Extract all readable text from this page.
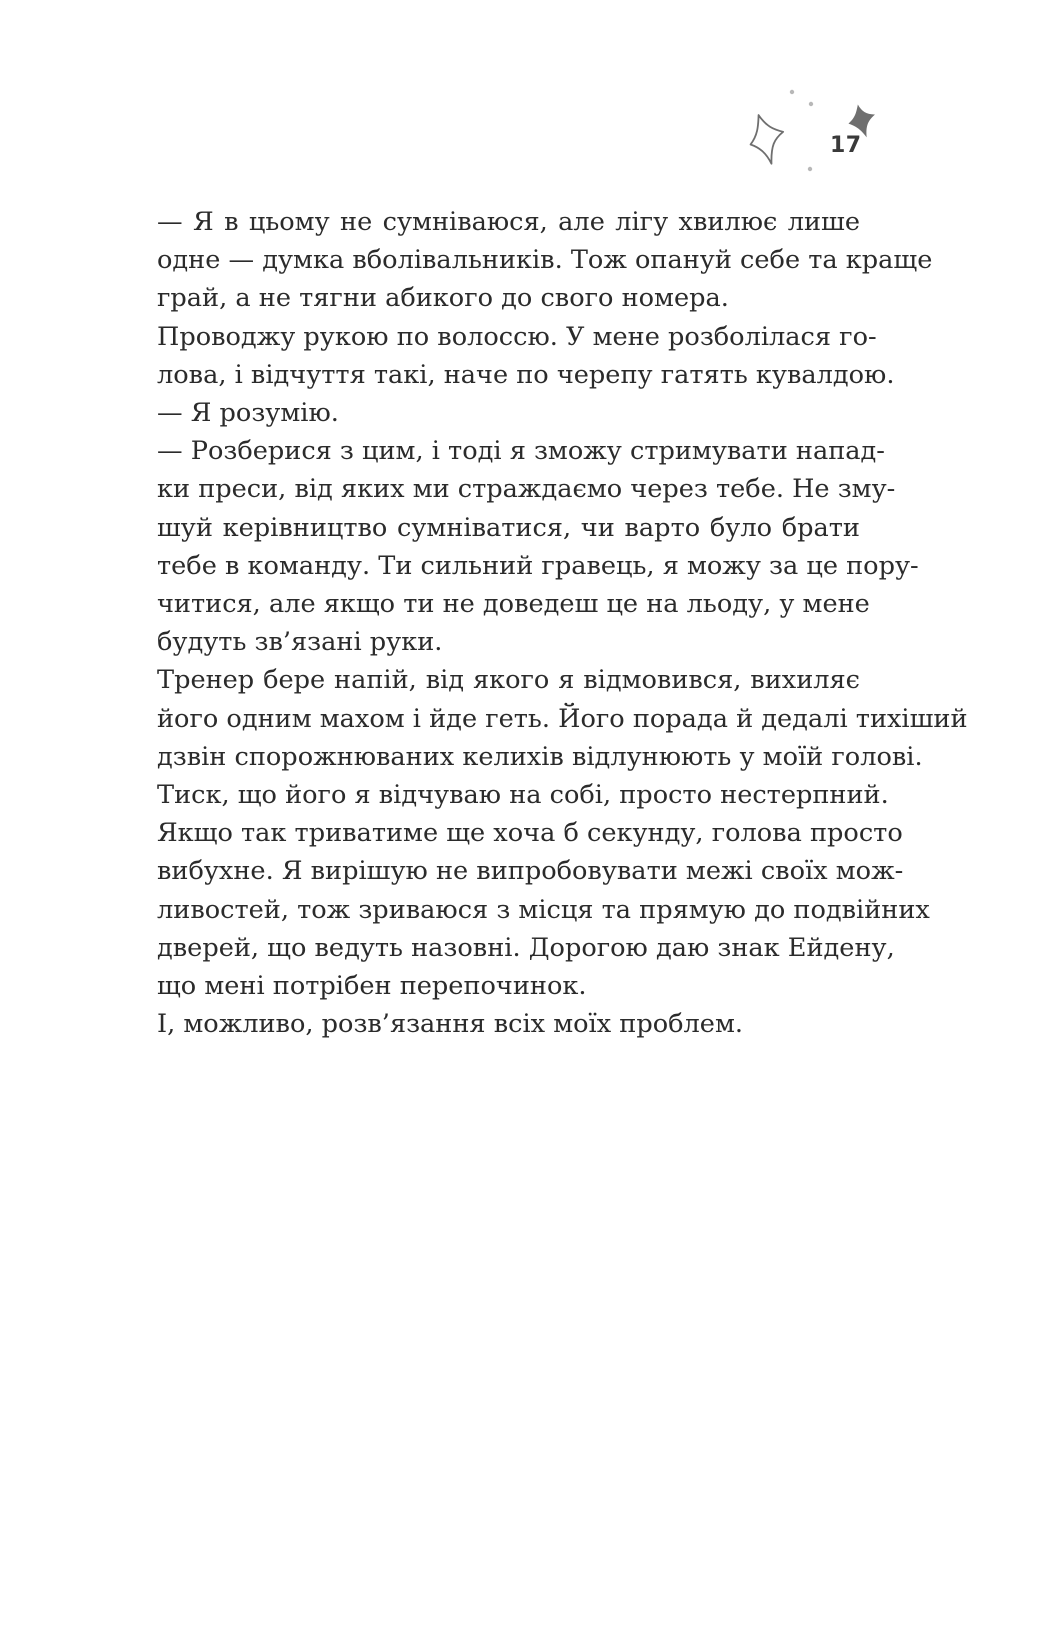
17

— Я в цьому не сумніваюся, але лігу хвилює лише
одне — думка вболівальників. Тож опануй себе та краще
грай, а не тягни абикого до свого номера.

Проводжу рукою по волоссю. У мене розболілася го-
лова, і відчуття такі, наче по черепу гатять кувалдою.

— Я розумію.

— Розберися з цим, і тоді я зможу стримувати напад-
ки преси, від яких ми страждаємо через тебе. Не зму-
шуй керівництво сумніватися, чи варто було брати
тебе в команду. Ти сильний гравець, я можу за це пору-
читися, але якщо ти не доведеш це на льоду, у мене
будуть зв’язані руки.

Тренер бере напій, від якого я відмовився, вихиляє
його одним махом і йде геть. Його порада й дедалі тихіший
дзвін спорожнюваних келихів відлунюють у моїй голові.
Тиск, що його я відчуваю на собі, просто нестерпний.

Якщо так триватиме ще хоча б секунду, голова просто
вибухне. Я вирішую не випробовувати межі своїх мож-
ливостей, тож зриваюся з місця та прямую до подвійних
дверей, що ведуть назовні. Дорогою даю знак Ейдену,
що мені потрібен перепочинок.

І, можливо, розв’язання всіх моїх проблем.
